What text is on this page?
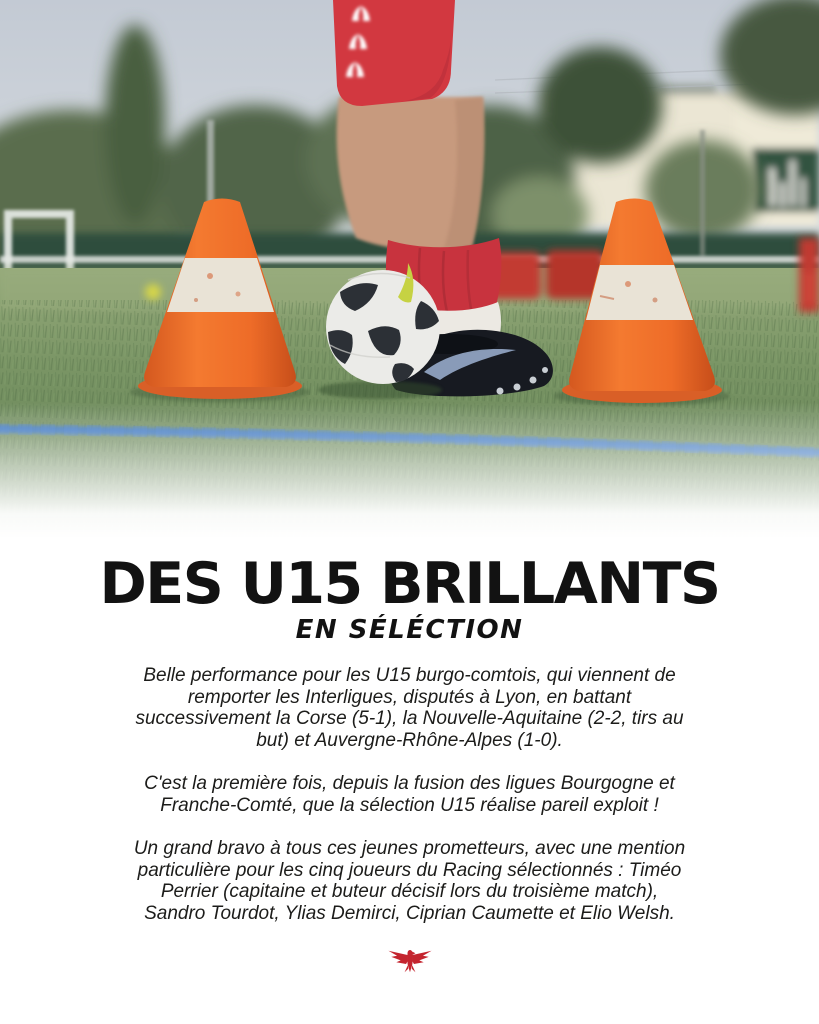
DES U15 BRILLANTS
EN SÉLÉCTION

Belle performance pour les U15 burgo-comtois, qui viennent de
remporter les Interligues, disputés à Lyon, en battant
successivement la Corse (5-1), la Nouvelle-Aquitaine (2-2, tirs au
but) et Auvergne-Rhône-Alpes (1-0).

C'est la première fois, depuis la fusion des ligues Bourgogne et
Franche-Comté, que la sélection U15 réalise pareil exploit !

Un grand bravo à tous ces jeunes prometteurs, avec une mention
particulière pour les cinq joueurs du Racing sélectionnés : Timéo
Perrier (capitaine et buteur décisif lors du troisième match),
Sandro Tourdot, Ylias Demirci, Ciprian Caumette et Elio Welsh.
